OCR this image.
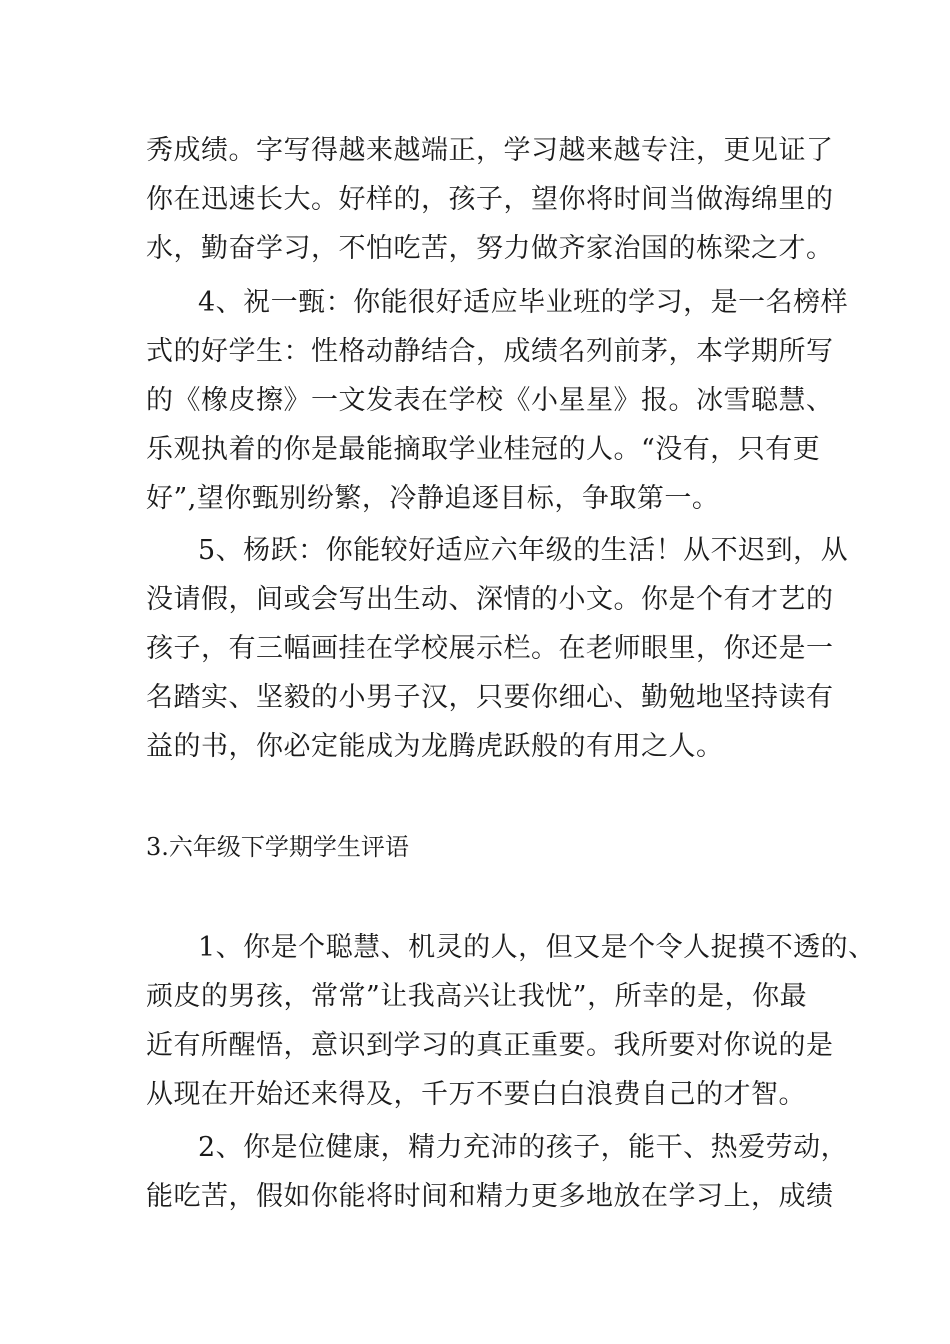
秀成绩。字写得越来越端正，学习越来越专注，更见证了
你在迅速长大。好样的，孩子，望你将时间当做海绵里的
水，勤奋学习，不怕吃苦，努力做齐家治国的栋梁之才。
4、祝一甄：你能很好适应毕业班的学习，是一名榜样
式的好学生：性格动静结合，成绩名列前茅，本学期所写
的《橡皮擦》一文发表在学校《小星星》报。冰雪聪慧、
乐观执着的你是最能摘取学业桂冠的人。“没有，只有更
好”,望你甄别纷繁，冷静追逐目标，争取第一。
5、杨跃：你能较好适应六年级的生活！从不迟到，从
没请假，间或会写出生动、深情的小文。你是个有才艺的
孩子，有三幅画挂在学校展示栏。在老师眼里，你还是一
名踏实、坚毅的小男子汉，只要你细心、勤勉地坚持读有
益的书，你必定能成为龙腾虎跃般的有用之人。
3.六年级下学期学生评语
1、你是个聪慧、机灵的人，但又是个令人捉摸不透的、
顽皮的男孩，常常”让我高兴让我忧”，所幸的是，你最
近有所醒悟，意识到学习的真正重要。我所要对你说的是
从现在开始还来得及，千万不要白白浪费自己的才智。
2、你是位健康，精力充沛的孩子，能干、热爱劳动，
能吃苦，假如你能将时间和精力更多地放在学习上，成绩
